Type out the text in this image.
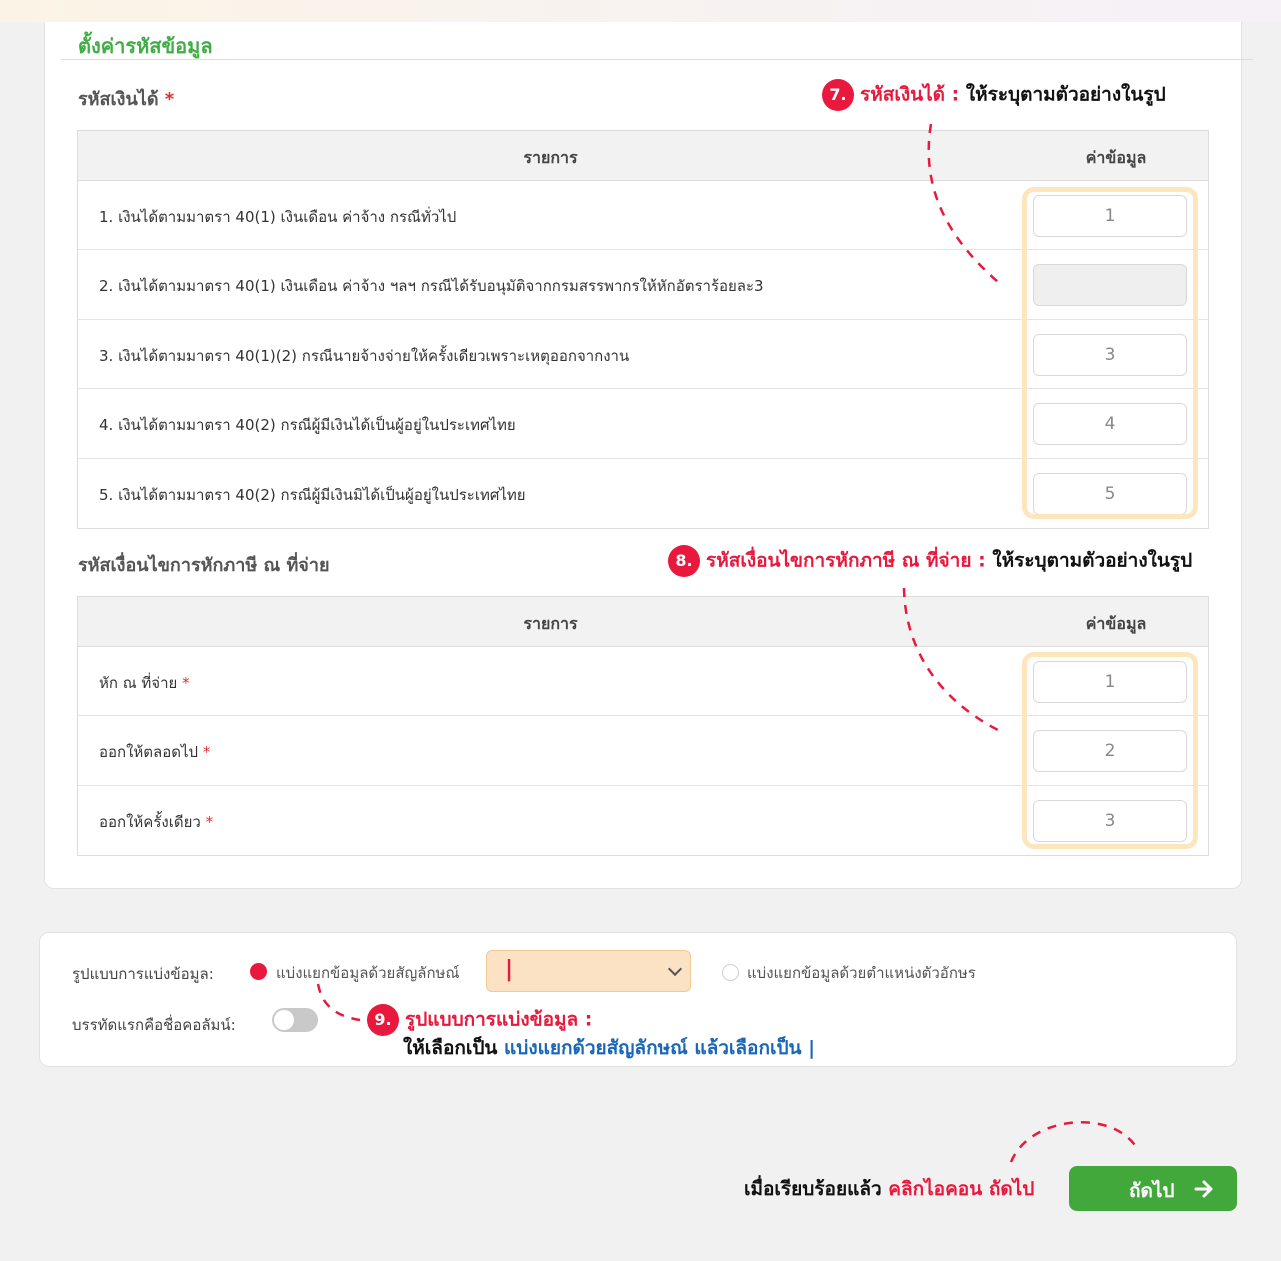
ตั้งค่ารหัสข้อมูล
รหัสเงินได้ *
รายการ	ค่าข้อมูล
1. เงินได้ตามมาตรา 40(1) เงินเดือน ค่าจ้าง กรณีทั่วไป	1
2. เงินได้ตามมาตรา 40(1) เงินเดือน ค่าจ้าง ฯลฯ กรณีได้รับอนุมัติจากกรมสรรพากรให้หักอัตราร้อยละ3
3. เงินได้ตามมาตรา 40(1)(2) กรณีนายจ้างจ่ายให้ครั้งเดียวเพราะเหตุออกจากงาน	3
4. เงินได้ตามมาตรา 40(2) กรณีผู้มีเงินได้เป็นผู้อยู่ในประเทศไทย	4
5. เงินได้ตามมาตรา 40(2) กรณีผู้มีเงินมิได้เป็นผู้อยู่ในประเทศไทย	5
รหัสเงื่อนไขการหักภาษี ณ ที่จ่าย
รายการ	ค่าข้อมูล
หัก ณ ที่จ่าย *	1
ออกให้ตลอดไป *	2
ออกให้ครั้งเดียว *	3
7. รหัสเงินได้ : ให้ระบุตามตัวอย่างในรูป
8. รหัสเงื่อนไขการหักภาษี ณ ที่จ่าย : ให้ระบุตามตัวอย่างในรูป
รูปแบบการแบ่งข้อมูล:	แบ่งแยกข้อมูลด้วยสัญลักษณ์ |	แบ่งแยกข้อมูลด้วยตำแหน่งตัวอักษร
บรรทัดแรกคือชื่อคอลัมน์:	9. รูปแบบการแบ่งข้อมูล :
ให้เลือกเป็น แบ่งแยกด้วยสัญลักษณ์ แล้วเลือกเป็น |
เมื่อเรียบร้อยแล้ว คลิกไอคอน ถัดไป	ถัดไป
